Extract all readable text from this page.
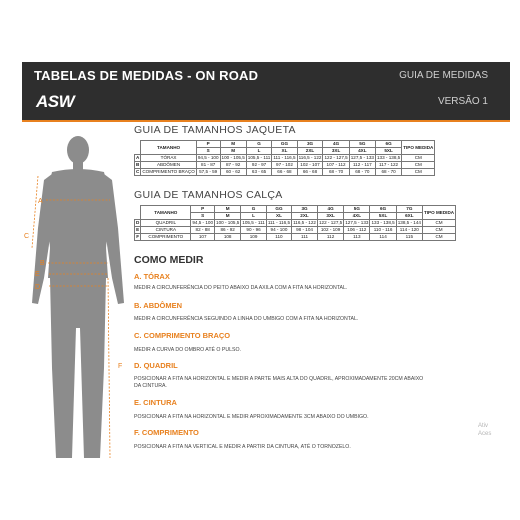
TABELAS DE MEDIDAS - ON ROAD	GUIA DE MEDIDAS
VERSÃO 1
ASW
C
A
B
E
D
F
GUIA DE TAMANHOS JAQUETA
	TAMANHO	P	M	G	GG	3G	4G	5G	6G	TIPO MEDIDA
		S	M	L	XL	2XL	3XL	4XL	5XL	
A	TÓRAX	94,5 - 100	100 - 105,5	105,5 - 111	111 - 116,5	116,5 - 122	122 - 127,5	127,5 - 133	133 - 138,5	CM
B	ABDÔMEN	81 - 87	87 - 92	92 - 97	97 - 102	102 - 107	107 - 112	112 - 117	117 - 122	CM
C	COMPRIMENTO BRAÇO	57,5 - 59	60 - 62	63 - 65	66 - 68	66 - 68	68 - 70	68 - 70	68 - 70	CM
GUIA DE TAMANHOS CALÇA
	TAMANHO	P	M	G	GG	3G	4G	5G	6G	7G	TIPO MEDIDA
		S	M	L	XL	2XL	3XL	4XL	5XL	6XL	
D	QUADRIL	94,5 - 100	100 - 105,5	105,5 - 111	111 - 116,5	116,5 - 122	122 - 127,5	127,5 - 133	133 - 138,5	138,5 - 144	CM
E	CINTURA	82 - 88	86 - 92	90 - 96	94 - 100	98 - 104	102 - 109	106 - 112	110 - 116	114 - 120	CM
F	COMPRIMENTO	107	108	109	110	111	112	113	114	115	CM
COMO MEDIR
A. TÓRAX
MEDIR A CIRCUNFERÊNCIA DO PEITO ABAIXO DA AXILA COM A FITA NA HORIZONTAL.
B. ABDÔMEN
MEDIR A CIRCUNFERÊNCIA SEGUINDO A LINHA DO UMBIGO COM A FITA NA HORIZONTAL.
C. COMPRIMENTO BRAÇO
MEDIR A CURVA DO OMBRO ATÉ O PULSO.
D. QUADRIL
POSICIONAR A FITA NA HORIZONTAL E MEDIR A PARTE MAIS ALTA DO QUADRIL, APROXIMADAMENTE 20CM ABAIXO DA CINTURA.
E. CINTURA
POSICIONAR A FITA NA HORIZONTAL E MEDIR APROXIMADAMENTE 3CM ABAIXO DO UMBIGO.
F. COMPRIMENTO
POSICIONAR A FITA NA VERTICAL E MEDIR A PARTIR DA CINTURA, ATÉ O TORNOZELO.
Ativ
Aces
